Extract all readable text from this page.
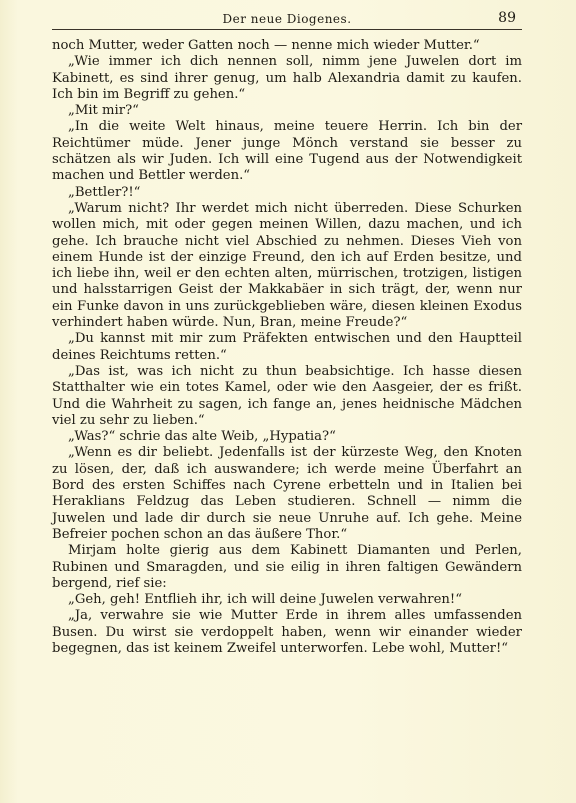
Der neue Diogenes.	89

noch Mutter, weder Gatten noch — nenne mich wieder Mutter.“

„Wie immer ich dich nennen soll, nimm jene Juwelen dort im Kabinett, es sind ihrer genug, um halb Alexandria damit zu kaufen. Ich bin im Begriff zu gehen.“

„Mit mir?“

„In die weite Welt hinaus, meine teuere Herrin. Ich bin der Reichtümer müde. Jener junge Mönch verstand sie besser zu schätzen als wir Juden. Ich will eine Tugend aus der Notwendigkeit machen und Bettler werden.“

„Bettler?!“

„Warum nicht? Ihr werdet mich nicht überreden. Diese Schurken wollen mich, mit oder gegen meinen Willen, dazu machen, und ich gehe. Ich brauche nicht viel Abschied zu nehmen. Dieses Vieh von einem Hunde ist der einzige Freund, den ich auf Erden besitze, und ich liebe ihn, weil er den echten alten, mürrischen, trotzigen, listigen und halsstarrigen Geist der Makkabäer in sich trägt, der, wenn nur ein Funke davon in uns zurückgeblieben wäre, diesen kleinen Exodus verhindert haben würde. Nun, Bran, meine Freude?“

„Du kannst mit mir zum Präfekten entwischen und den Hauptteil deines Reichtums retten.“

„Das ist, was ich nicht zu thun beabsichtige. Ich hasse diesen Statthalter wie ein totes Kamel, oder wie den Aasgeier, der es frißt. Und die Wahrheit zu sagen, ich fange an, jenes heidnische Mädchen viel zu sehr zu lieben.“

„Was?“ schrie das alte Weib, „Hypatia?“

„Wenn es dir beliebt. Jedenfalls ist der kürzeste Weg, den Knoten zu lösen, der, daß ich auswandere; ich werde meine Überfahrt an Bord des ersten Schiffes nach Cyrene erbetteln und in Italien bei Heraklians Feldzug das Leben studieren. Schnell — nimm die Juwelen und lade dir durch sie neue Unruhe auf. Ich gehe. Meine Befreier pochen schon an das äußere Thor.“

Mirjam holte gierig aus dem Kabinett Diamanten und Perlen, Rubinen und Smaragden, und sie eilig in ihren faltigen Gewändern bergend, rief sie:

„Geh, geh! Entflieh ihr, ich will deine Juwelen verwahren!“

„Ja, verwahre sie wie Mutter Erde in ihrem alles umfassenden Busen. Du wirst sie verdoppelt haben, wenn wir einander wieder begegnen, das ist keinem Zweifel unterworfen. Lebe wohl, Mutter!“
